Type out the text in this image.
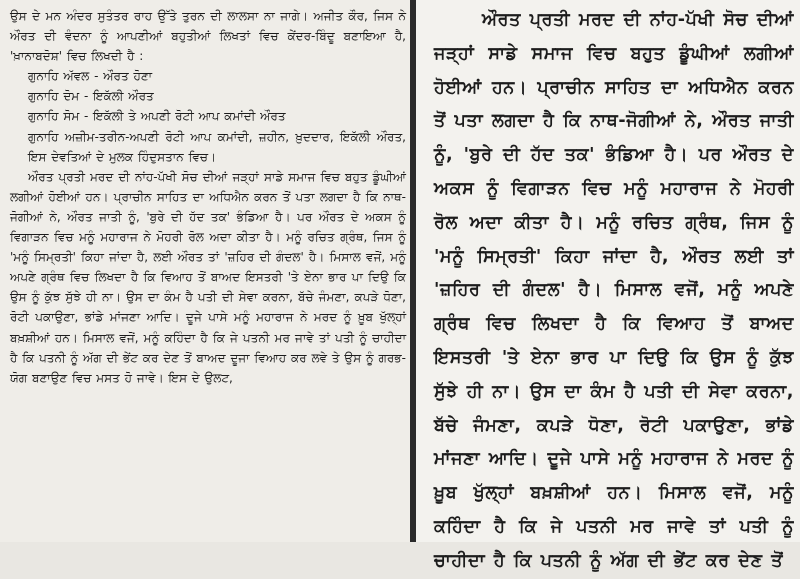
ਉਸ ਦੇ ਮਨ ਅੰਦਰ ਸੁਤੰਤਰ ਰਾਹ ਉੱਤੇ ਤੁਰਨ ਦੀ ਲਾਲਸਾ ਨਾ ਜਾਗੇ। ਅਜੀਤ ਕੌਰ, ਜਿਸ ਨੇ ਔਰਤ ਦੀ ਵੰਦਨਾ ਨੂੰ ਆਪਣੀਆਂ ਬਹੁਤੀਆਂ ਲਿਖਤਾਂ ਵਿਚ ਕੇਂਦਰ-ਬਿੰਦੂ ਬਣਾਇਆ ਹੈ, 'ਖ਼ਾਨਾਬਦੋਸ਼' ਵਿਚ ਲਿਖਦੀ ਹੈ :

ਗੁਨਾਹਿ ਅੱਵਲ - ਔਰਤ ਹੋਣਾ

ਗੁਨਾਹਿ ਦੋਮ - ਇਕੱਲੀ ਔਰਤ

ਗੁਨਾਹਿ ਸੋਮ - ਇਕੱਲੀ ਤੇ ਅਪਣੀ ਰੋਟੀ ਆਪ ਕਮਾਂਦੀ ਔਰਤ

ਗੁਨਾਹਿ ਅਜ਼ੀਮ-ਤਰੀਨ-ਅਪਣੀ ਰੋਟੀ ਆਪ ਕਮਾਂਦੀ, ਜ਼ਹੀਨ, ਖ਼ੁਦਦਾਰ, ਇਕੱਲੀ ਔਰਤ, ਇਸ ਦੇਵਤਿਆਂ ਦੇ ਮੁਲਕ ਹਿੰਦੁਸਤਾਨ ਵਿਚ।

ਔਰਤ ਪ੍ਰਤੀ ਮਰਦ ਦੀ ਨਾਂਹ-ਪੱਖੀ ਸੋਚ ਦੀਆਂ ਜੜ੍ਹਾਂ ਸਾਡੇ ਸਮਾਜ ਵਿਚ ਬਹੁਤ ਡੂੰਘੀਆਂ ਲਗੀਆਂ ਹੋਈਆਂ ਹਨ। ਪ੍ਰਾਚੀਨ ਸਾਹਿਤ ਦਾ ਅਧਿਐਨ ਕਰਨ ਤੋਂ ਪਤਾ ਲਗਦਾ ਹੈ ਕਿ ਨਾਥ-ਜੋਗੀਆਂ ਨੇ, ਔਰਤ ਜਾਤੀ ਨੂੰ, 'ਬੁਰੇ ਦੀ ਹੱਦ ਤਕ' ਭੰਡਿਆ ਹੈ। ਪਰ ਔਰਤ ਦੇ ਅਕਸ ਨੂੰ ਵਿਗਾੜਨ ਵਿਚ ਮਨੂੰ ਮਹਾਰਾਜ ਨੇ ਮੋਹਰੀ ਰੋਲ ਅਦਾ ਕੀਤਾ ਹੈ। ਮਨੂੰ ਰਚਿਤ ਗ੍ਰੰਥ, ਜਿਸ ਨੂੰ 'ਮਨੂੰ ਸਿਮ੍ਰਤੀ' ਕਿਹਾ ਜਾਂਦਾ ਹੈ, ਲਈ ਔਰਤ ਤਾਂ 'ਜ਼ਹਿਰ ਦੀ ਗੰਦਲ' ਹੈ। ਮਿਸਾਲ ਵਜੋਂ, ਮਨੂੰ ਅਪਣੇ ਗ੍ਰੰਥ ਵਿਚ ਲਿਖਦਾ ਹੈ ਕਿ ਵਿਆਹ ਤੋਂ ਬਾਅਦ ਇਸਤਰੀ 'ਤੇ ਏਨਾ ਭਾਰ ਪਾ ਦਿਉ ਕਿ ਉਸ ਨੂੰ ਕੁੱਝ ਸੁੱਝੇ ਹੀ ਨਾ। ਉਸ ਦਾ ਕੰਮ ਹੈ ਪਤੀ ਦੀ ਸੇਵਾ ਕਰਨਾ, ਬੱਚੇ ਜੰਮਣਾ, ਕਪੜੇ ਧੋਣਾ, ਰੋਟੀ ਪਕਾਉਣਾ, ਭਾਂਡੇ ਮਾਂਜਣਾ ਆਦਿ। ਦੂਜੇ ਪਾਸੇ ਮਨੂੰ ਮਹਾਰਾਜ ਨੇ ਮਰਦ ਨੂੰ ਖ਼ੂਬ ਖੁੱਲ੍ਹਾਂ ਬਖ਼ਸ਼ੀਆਂ ਹਨ। ਮਿਸਾਲ ਵਜੋਂ, ਮਨੂੰ ਕਹਿੰਦਾ ਹੈ ਕਿ ਜੇ ਪਤਨੀ ਮਰ ਜਾਵੇ ਤਾਂ ਪਤੀ ਨੂੰ ਚਾਹੀਦਾ ਹੈ ਕਿ ਪਤਨੀ ਨੂੰ ਅੱਗ ਦੀ ਭੇਂਟ ਕਰ ਦੇਣ ਤੋਂ ਬਾਅਦ ਦੂਜਾ ਵਿਆਹ ਕਰ ਲਵੇ ਤੇ ਉਸ ਨੂੰ ਗਰਭ-ਯੋਗ ਬਣਾਉਣ ਵਿਚ ਮਸਤ ਹੋ ਜਾਵੇ। ਇਸ ਦੇ ਉਲਟ,

ਔਰਤ ਪ੍ਰਤੀ ਮਰਦ ਦੀ ਨਾਂਹ-ਪੱਖੀ ਸੋਚ ਦੀਆਂ ਜੜ੍ਹਾਂ ਸਾਡੇ ਸਮਾਜ ਵਿਚ ਬਹੁਤ ਡੂੰਘੀਆਂ ਲਗੀਆਂ ਹੋਈਆਂ ਹਨ। ਪ੍ਰਾਚੀਨ ਸਾਹਿਤ ਦਾ ਅਧਿਐਨ ਕਰਨ ਤੋਂ ਪਤਾ ਲਗਦਾ ਹੈ ਕਿ ਨਾਥ-ਜੋਗੀਆਂ ਨੇ, ਔਰਤ ਜਾਤੀ ਨੂੰ, 'ਬੁਰੇ ਦੀ ਹੱਦ ਤਕ' ਭੰਡਿਆ ਹੈ। ਪਰ ਔਰਤ ਦੇ ਅਕਸ ਨੂੰ ਵਿਗਾੜਨ ਵਿਚ ਮਨੂੰ ਮਹਾਰਾਜ ਨੇ ਮੋਹਰੀ ਰੋਲ ਅਦਾ ਕੀਤਾ ਹੈ। ਮਨੂੰ ਰਚਿਤ ਗ੍ਰੰਥ, ਜਿਸ ਨੂੰ 'ਮਨੂੰ ਸਿਮ੍ਰਤੀ' ਕਿਹਾ ਜਾਂਦਾ ਹੈ, ਔਰਤ ਲਈ ਤਾਂ 'ਜ਼ਹਿਰ ਦੀ ਗੰਦਲ' ਹੈ। ਮਿਸਾਲ ਵਜੋਂ, ਮਨੂੰ ਅਪਣੇ ਗ੍ਰੰਥ ਵਿਚ ਲਿਖਦਾ ਹੈ ਕਿ ਵਿਆਹ ਤੋਂ ਬਾਅਦ ਇਸਤਰੀ 'ਤੇ ਏਨਾ ਭਾਰ ਪਾ ਦਿਉ ਕਿ ਉਸ ਨੂੰ ਕੁੱਝ ਸੁੱਝੇ ਹੀ ਨਾ। ਉਸ ਦਾ ਕੰਮ ਹੈ ਪਤੀ ਦੀ ਸੇਵਾ ਕਰਨਾ, ਬੱਚੇ ਜੰਮਣਾ, ਕਪੜੇ ਧੋਣਾ, ਰੋਟੀ ਪਕਾਉਣਾ, ਭਾਂਡੇ ਮਾਂਜਣਾ ਆਦਿ। ਦੂਜੇ ਪਾਸੇ ਮਨੂੰ ਮਹਾਰਾਜ ਨੇ ਮਰਦ ਨੂੰ ਖ਼ੂਬ ਖੁੱਲ੍ਹਾਂ ਬਖ਼ਸ਼ੀਆਂ ਹਨ। ਮਿਸਾਲ ਵਜੋਂ, ਮਨੂੰ ਕਹਿੰਦਾ ਹੈ ਕਿ ਜੇ ਪਤਨੀ ਮਰ ਜਾਵੇ ਤਾਂ ਪਤੀ ਨੂੰ ਚਾਹੀਦਾ ਹੈ ਕਿ ਪਤਨੀ ਨੂੰ ਅੱਗ ਦੀ ਭੇਂਟ ਕਰ ਦੇਣ ਤੋਂ
